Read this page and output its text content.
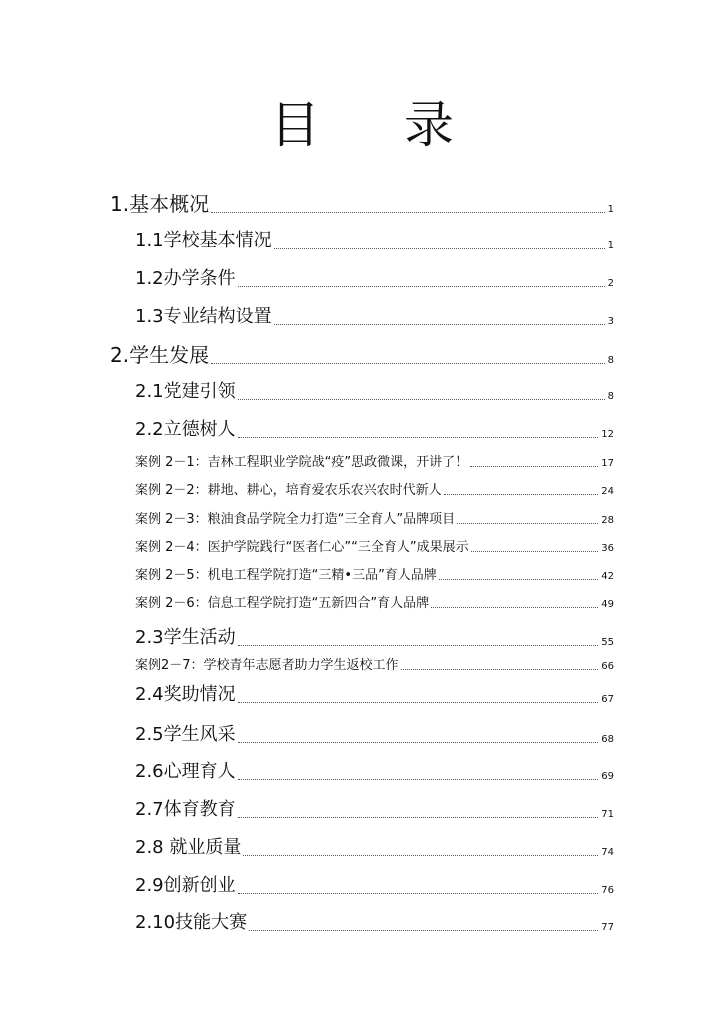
目 录
1.基本概况	1
1.1学校基本情况	1
1.2办学条件	2
1.3专业结构设置	3
2.学生发展	8
2.1党建引领	8
2.2立德树人	12
案例 2－1：吉林工程职业学院战“疫”思政微课，开讲了！	17
案例 2－2：耕地、耕心，培育爱农乐农兴农时代新人	24
案例 2－3：粮油食品学院全力打造“三全育人”品牌项目	28
案例 2－4：医护学院践行“医者仁心”“三全育人”成果展示	36
案例 2－5：机电工程学院打造“三精•三品”育人品牌	42
案例 2－6：信息工程学院打造“五新四合”育人品牌	49
2.3学生活动	55
案例2－7：学校青年志愿者助力学生返校工作	66
2.4奖助情况	67
2.5学生风采	68
2.6心理育人	69
2.7体育教育	71
2.8 就业质量	74
2.9创新创业	76
2.10技能大赛	77
